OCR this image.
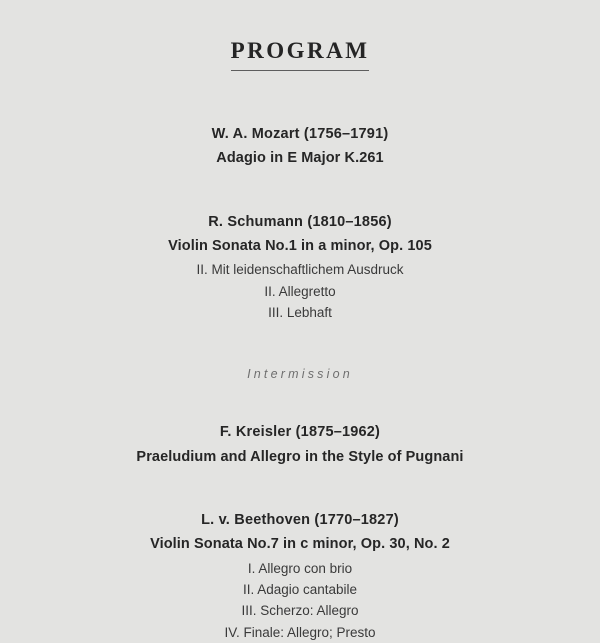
PROGRAM
W. A. Mozart (1756–1791)
Adagio in E Major K.261
R. Schumann (1810–1856)
Violin Sonata No.1 in a minor, Op. 105
II. Mit leidenschaftlichem Ausdruck
II. Allegretto
III. Lebhaft
Intermission
F. Kreisler (1875–1962)
Praeludium and Allegro in the Style of Pugnani
L. v. Beethoven (1770–1827)
Violin Sonata No.7 in c minor, Op. 30, No. 2
I. Allegro con brio
II. Adagio cantabile
III. Scherzo: Allegro
IV. Finale: Allegro; Presto
